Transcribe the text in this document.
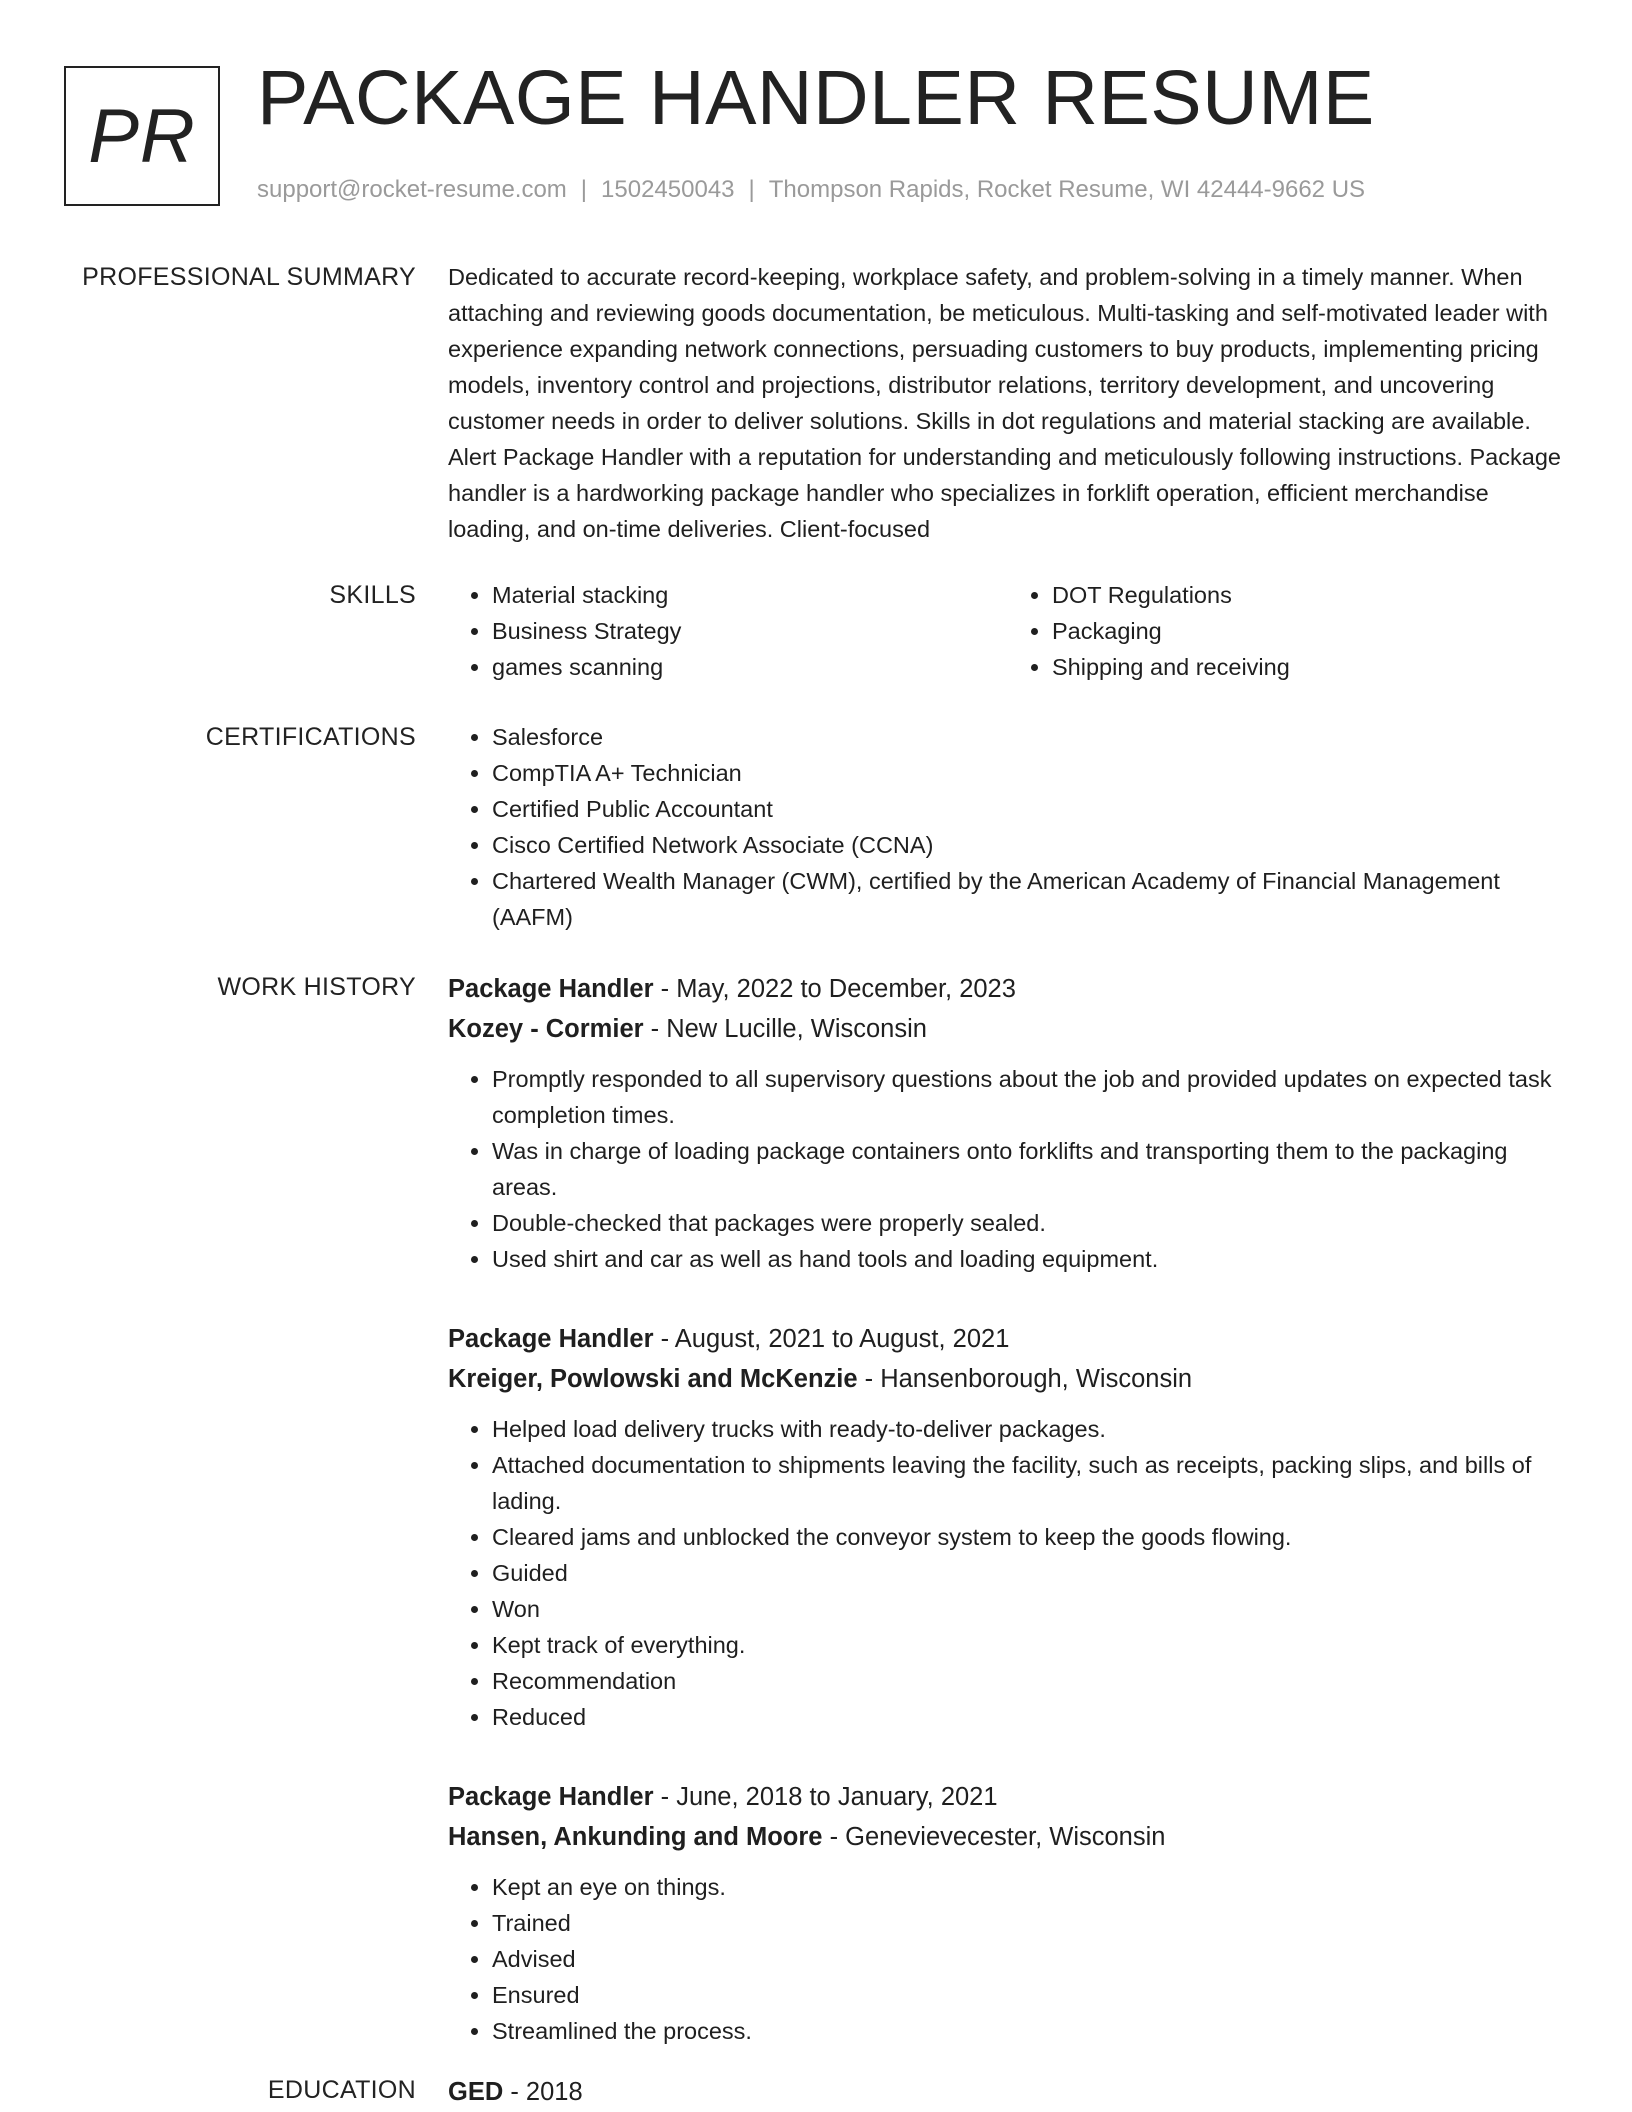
PR PACKAGE HANDLER RESUME
support@rocket-resume.com | 1502450043 | Thompson Rapids, Rocket Resume, WI 42444-9662 US
PROFESSIONAL SUMMARY Dedicated to accurate record-keeping, workplace safety, and problem-solving in a timely manner. When attaching and reviewing goods documentation, be meticulous. Multi-tasking and self-motivated leader with experience expanding network connections, persuading customers to buy products, implementing pricing models, inventory control and projections, distributor relations, territory development, and uncovering customer needs in order to deliver solutions. Skills in dot regulations and material stacking are available. Alert Package Handler with a reputation for understanding and meticulously following instructions. Package handler is a hardworking package handler who specializes in forklift operation, efficient merchandise loading, and on-time deliveries. Client-focused
SKILLS	• Material stacking
• Business Strategy
• games scanning
• DOT Regulations
• Packaging
• Shipping and receiving
CERTIFICATIONS	• Salesforce
• CompTIA A+ Technician
• Certified Public Accountant
• Cisco Certified Network Associate (CCNA)
• Chartered Wealth Manager (CWM), certified by the American Academy of Financial Management (AAFM)
WORK HISTORY Package Handler - May, 2022 to December, 2023
Kozey - Cormier - New Lucille, Wisconsin
• Promptly responded to all supervisory questions about the job and provided updates on expected task completion times.
• Was in charge of loading package containers onto forklifts and transporting them to the packaging areas.
• Double-checked that packages were properly sealed.
• Used shirt and car as well as hand tools and loading equipment.
Package Handler - August, 2021 to August, 2021
Kreiger, Powlowski and McKenzie - Hansenborough, Wisconsin
• Helped load delivery trucks with ready-to-deliver packages.
• Attached documentation to shipments leaving the facility, such as receipts, packing slips, and bills of lading.
• Cleared jams and unblocked the conveyor system to keep the goods flowing.
• Guided
• Won
• Kept track of everything.
• Recommendation
• Reduced
Package Handler - June, 2018 to January, 2021
Hansen, Ankunding and Moore - Genevievecester, Wisconsin
• Kept an eye on things.
• Trained
• Advised
• Ensured
• Streamlined the process.
EDUCATION GED - 2018
